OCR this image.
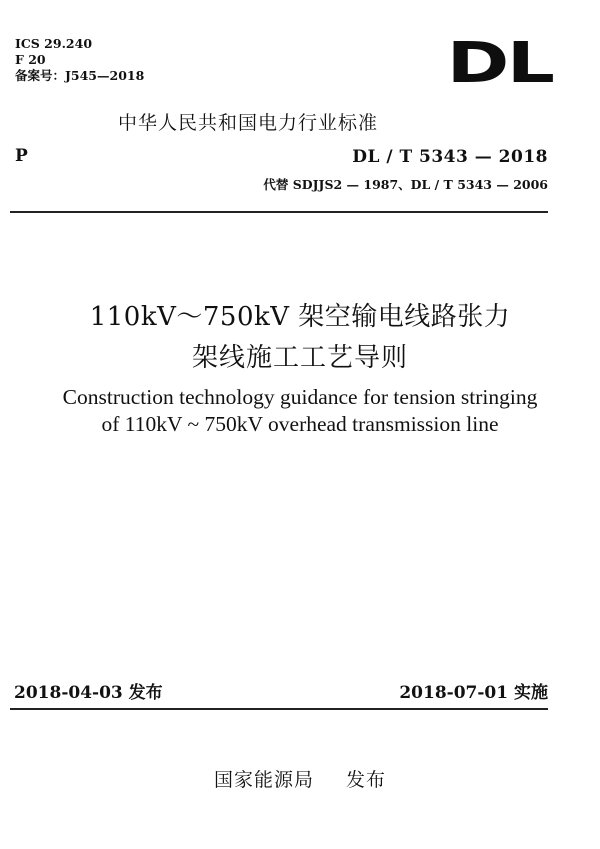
ICS 29.240
F 20
备案号：J545—2018	DL
中华人民共和国电力行业标准
P	DL / T 5343 — 2018
代替 SDJJS2 — 1987、DL / T 5343 — 2006
110kV～750kV 架空输电线路张力
架线施工工艺导则
Construction technology guidance for tension stringing
of 110kV ~ 750kV overhead transmission line
2018-04-03 发布	2018-07-01 实施
国家能源局 发布
